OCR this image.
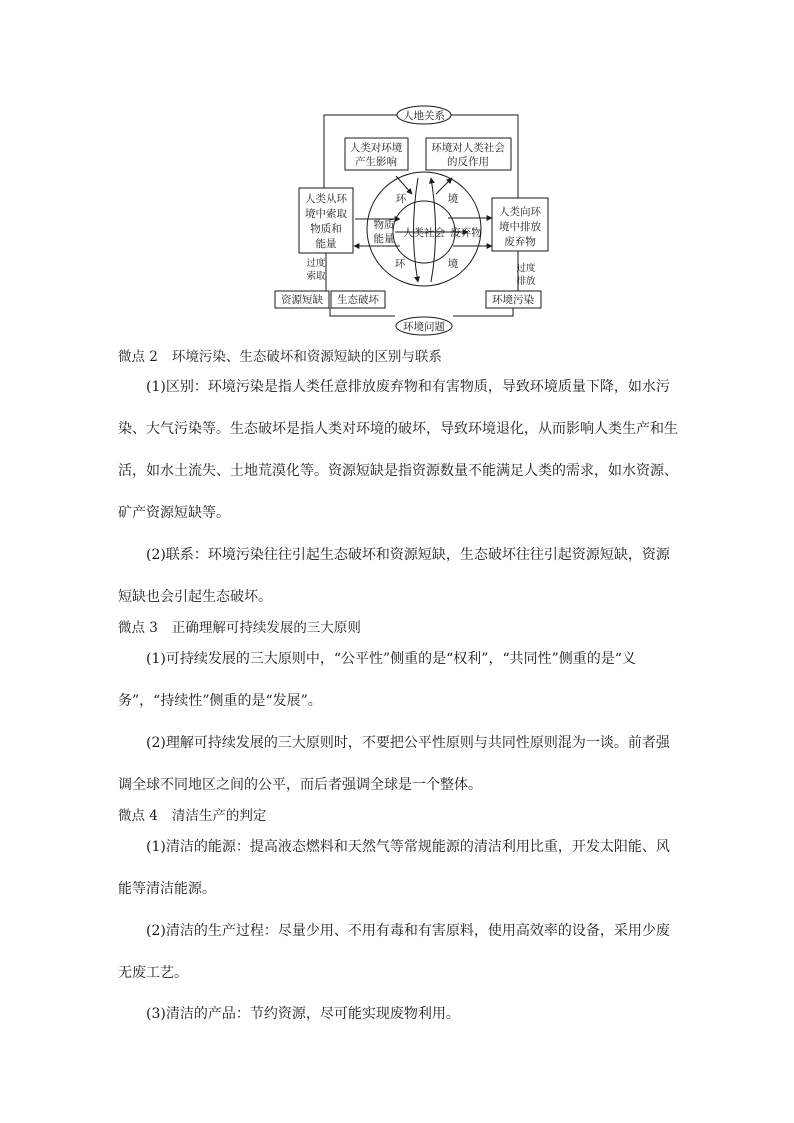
人地关系
人类对环境
产生影响
环境对人类社会
的反作用
人类从环
境中索取
物质和
能量
人类向环
境中排放
废弃物
环	境
环	境
物质
能量 人类社会 废弃物
过度
索取
过度
排放
资源短缺 生态破坏	环境污染
环境问题
微点 2 环境污染、生态破坏和资源短缺的区别与联系
(1)区别：环境污染是指人类任意排放废弃物和有害物质，导致环境质量下降，如水污
染、大气污染等。生态破坏是指人类对环境的破坏，导致环境退化，从而影响人类生产和生
活，如水土流失、土地荒漠化等。资源短缺是指资源数量不能满足人类的需求，如水资源、
矿产资源短缺等。
(2)联系：环境污染往往引起生态破坏和资源短缺，生态破坏往往引起资源短缺，资源
短缺也会引起生态破坏。
微点 3 正确理解可持续发展的三大原则
(1)可持续发展的三大原则中，“公平性”侧重的是“权利”，“共同性”侧重的是“义
务”，“持续性”侧重的是“发展”。
(2)理解可持续发展的三大原则时，不要把公平性原则与共同性原则混为一谈。前者强
调全球不同地区之间的公平，而后者强调全球是一个整体。
微点 4 清洁生产的判定
(1)清洁的能源：提高液态燃料和天然气等常规能源的清洁利用比重，开发太阳能、风
能等清洁能源。
(2)清洁的生产过程：尽量少用、不用有毒和有害原料，使用高效率的设备，采用少废
无废工艺。
(3)清洁的产品：节约资源，尽可能实现废物利用。
